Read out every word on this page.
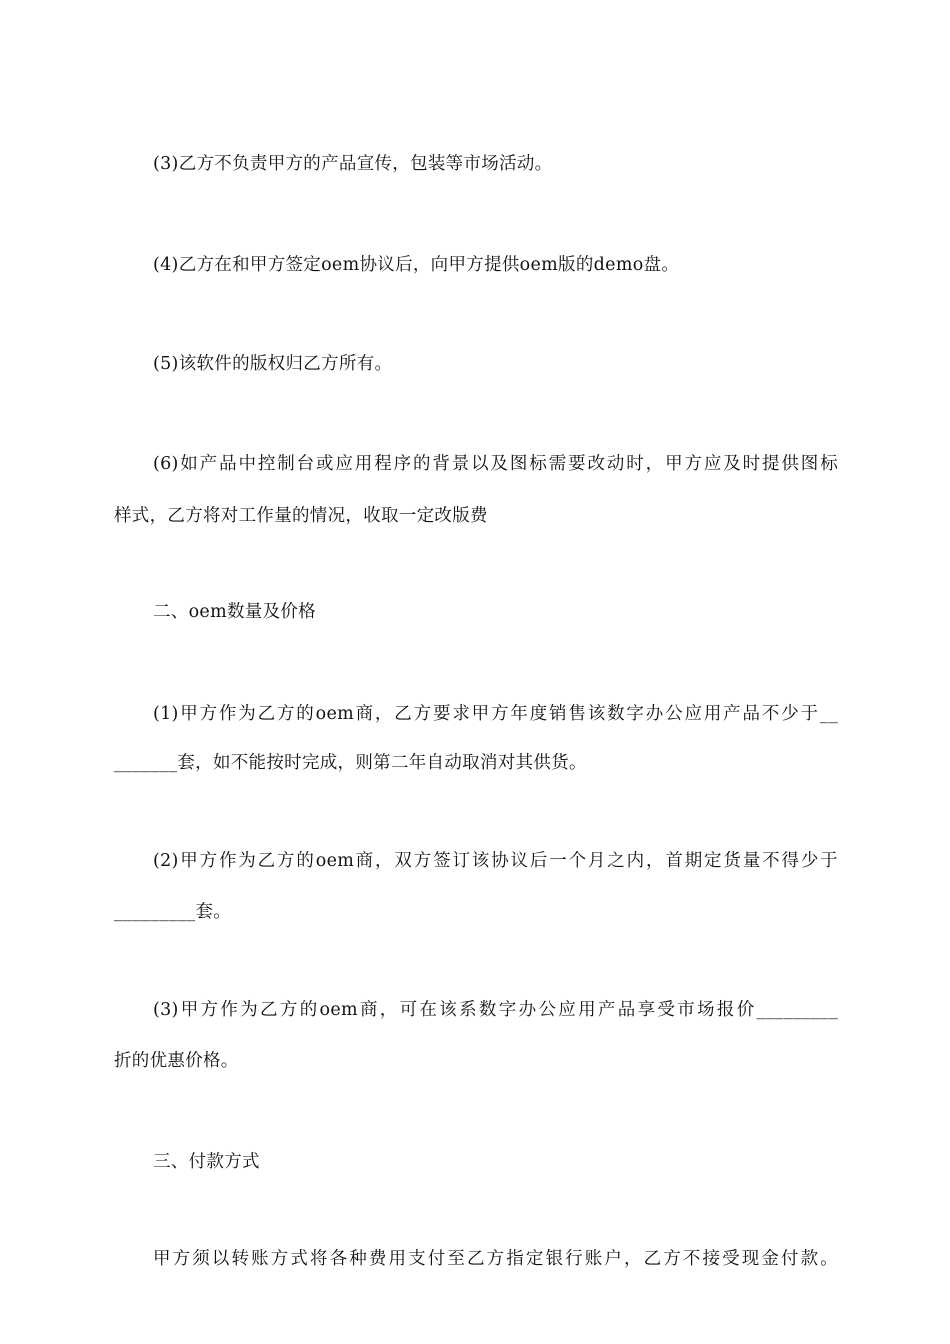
(3)乙方不负责甲方的产品宣传，包装等市场活动。
(4)乙方在和甲方签定oem协议后，向甲方提供oem版的demo盘。
(5)该软件的版权归乙方所有。
(6)如产品中控制台或应用程序的背景以及图标需要改动时，甲方应及时提供图标
样式，乙方将对工作量的情况，收取一定改版费
二、oem数量及价格
(1)甲方作为乙方的oem商，乙方要求甲方年度销售该数字办公应用产品不少于__
_______套，如不能按时完成，则第二年自动取消对其供货。
(2)甲方作为乙方的oem商，双方签订该协议后一个月之内，首期定货量不得少于
_________套。
(3)甲方作为乙方的oem商，可在该系数字办公应用产品享受市场报价_________
折的优惠价格。
三、付款方式
甲方须以转账方式将各种费用支付至乙方指定银行账户，乙方不接受现金付款。
